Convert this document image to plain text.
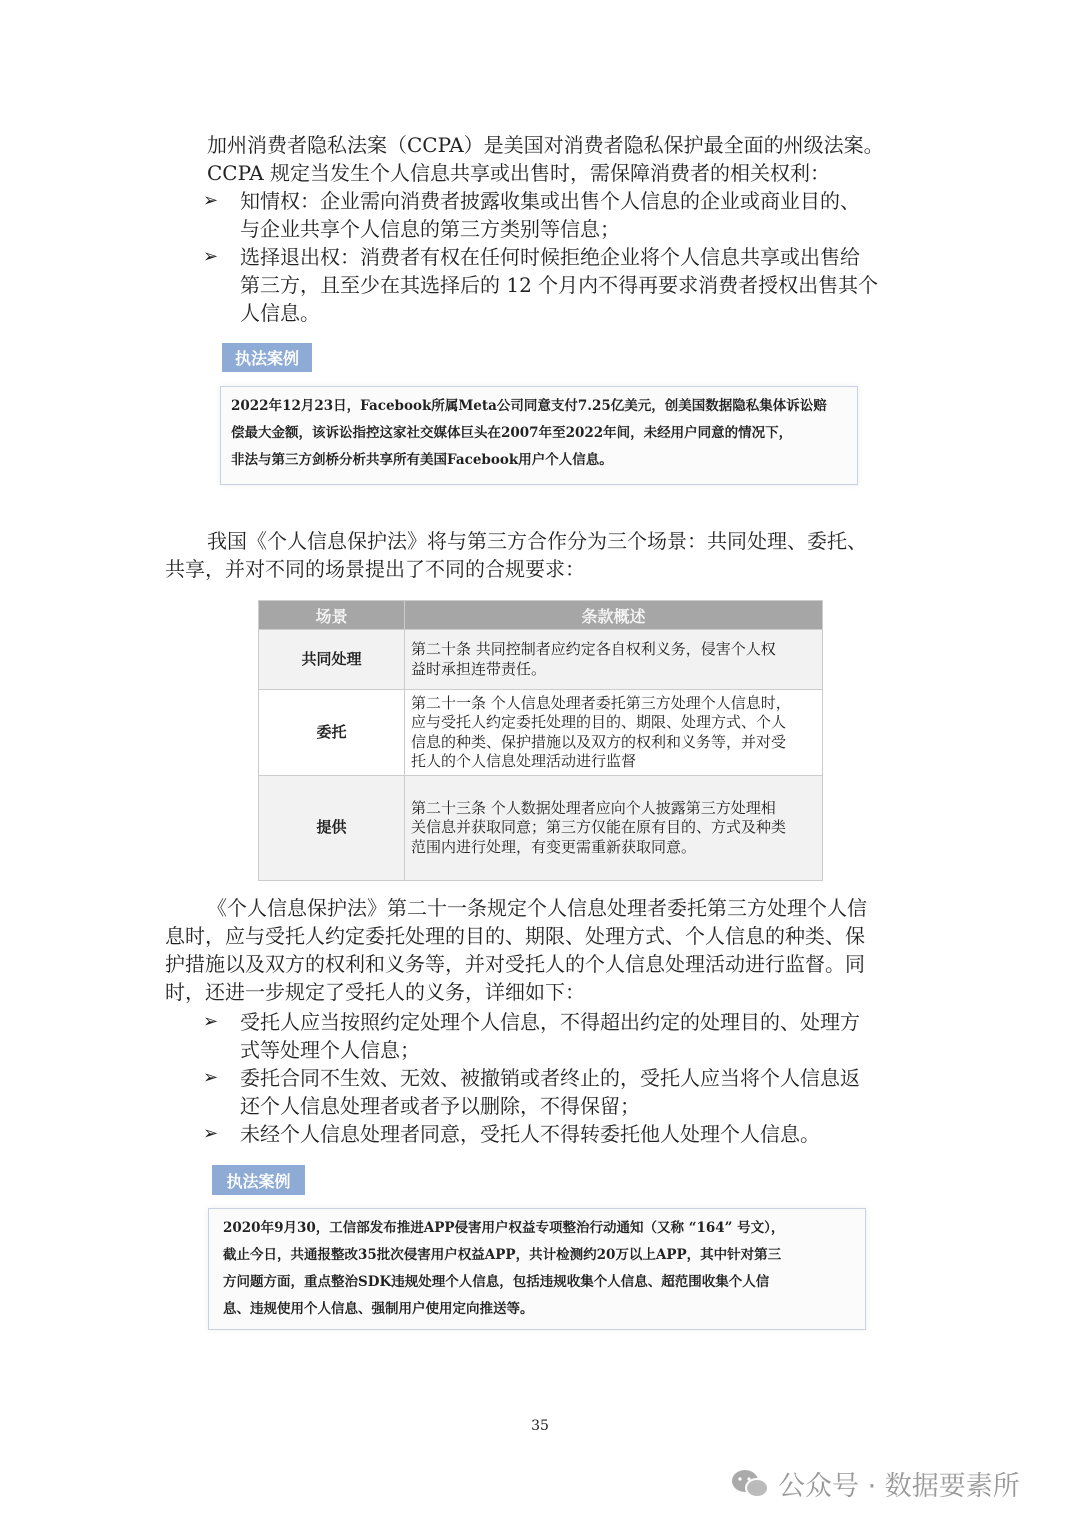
执法案例
2022年12月23日，Facebook所属Meta公司同意支付7.25亿美元，创美国数据隐私集体诉讼赔
偿最大金额，该诉讼指控这家社交媒体巨头在2007年至2022年间，未经用户同意的情况下，
非法与第三方剑桥分析共享所有美国Facebook用户个人信息。
场景	条款概述
共同处理	第二十条 共同控制者应约定各自权利义务，侵害个人权
益时承担连带责任。

委托	第二十一条 个人信息处理者委托第三方处理个人信息时，
应与受托人约定委托处理的目的、期限、处理方式、个人
信息的种类、保护措施以及双方的权利和义务等，并对受
托人的个人信息处理活动进行监督

提供	第二十三条 个人数据处理者应向个人披露第三方处理相
关信息并获取同意；第三方仅能在原有目的、方式及种类
范围内进行处理，有变更需重新获取同意。
执法案例
2020年9月30，工信部发布推进APP侵害用户权益专项整治行动通知（又称 “164” 号文），
截止今日，共通报整改35批次侵害用户权益APP，共计检测约20万以上APP，其中针对第三
方问题方面，重点整治SDK违规处理个人信息，包括违规收集个人信息、超范围收集个人信
息、违规使用个人信息、强制用户使用定向推送等。
35
公众号 · 数据要素所
加州消费者隐私法案（CCPA）是美国对消费者隐私保护最全面的州级法案。
CCPA 规定当发生个人信息共享或出售时，需保障消费者的相关权利：
➢ 知情权：企业需向消费者披露收集或出售个人信息的企业或商业目的、
与企业共享个人信息的第三方类别等信息；
➢ 选择退出权：消费者有权在任何时候拒绝企业将个人信息共享或出售给
第三方，且至少在其选择后的 12 个月内不得再要求消费者授权出售其个
人信息。
我国《个人信息保护法》将与第三方合作分为三个场景：共同处理、委托、
共享，并对不同的场景提出了不同的合规要求：
《个人信息保护法》第二十一条规定个人信息处理者委托第三方处理个人信
息时，应与受托人约定委托处理的目的、期限、处理方式、个人信息的种类、保
护措施以及双方的权利和义务等，并对受托人的个人信息处理活动进行监督。同
时，还进一步规定了受托人的义务，详细如下：
➢ 受托人应当按照约定处理个人信息，不得超出约定的处理目的、处理方
式等处理个人信息；
➢ 委托合同不生效、无效、被撤销或者终止的，受托人应当将个人信息返
还个人信息处理者或者予以删除，不得保留；
➢ 未经个人信息处理者同意，受托人不得转委托他人处理个人信息。
